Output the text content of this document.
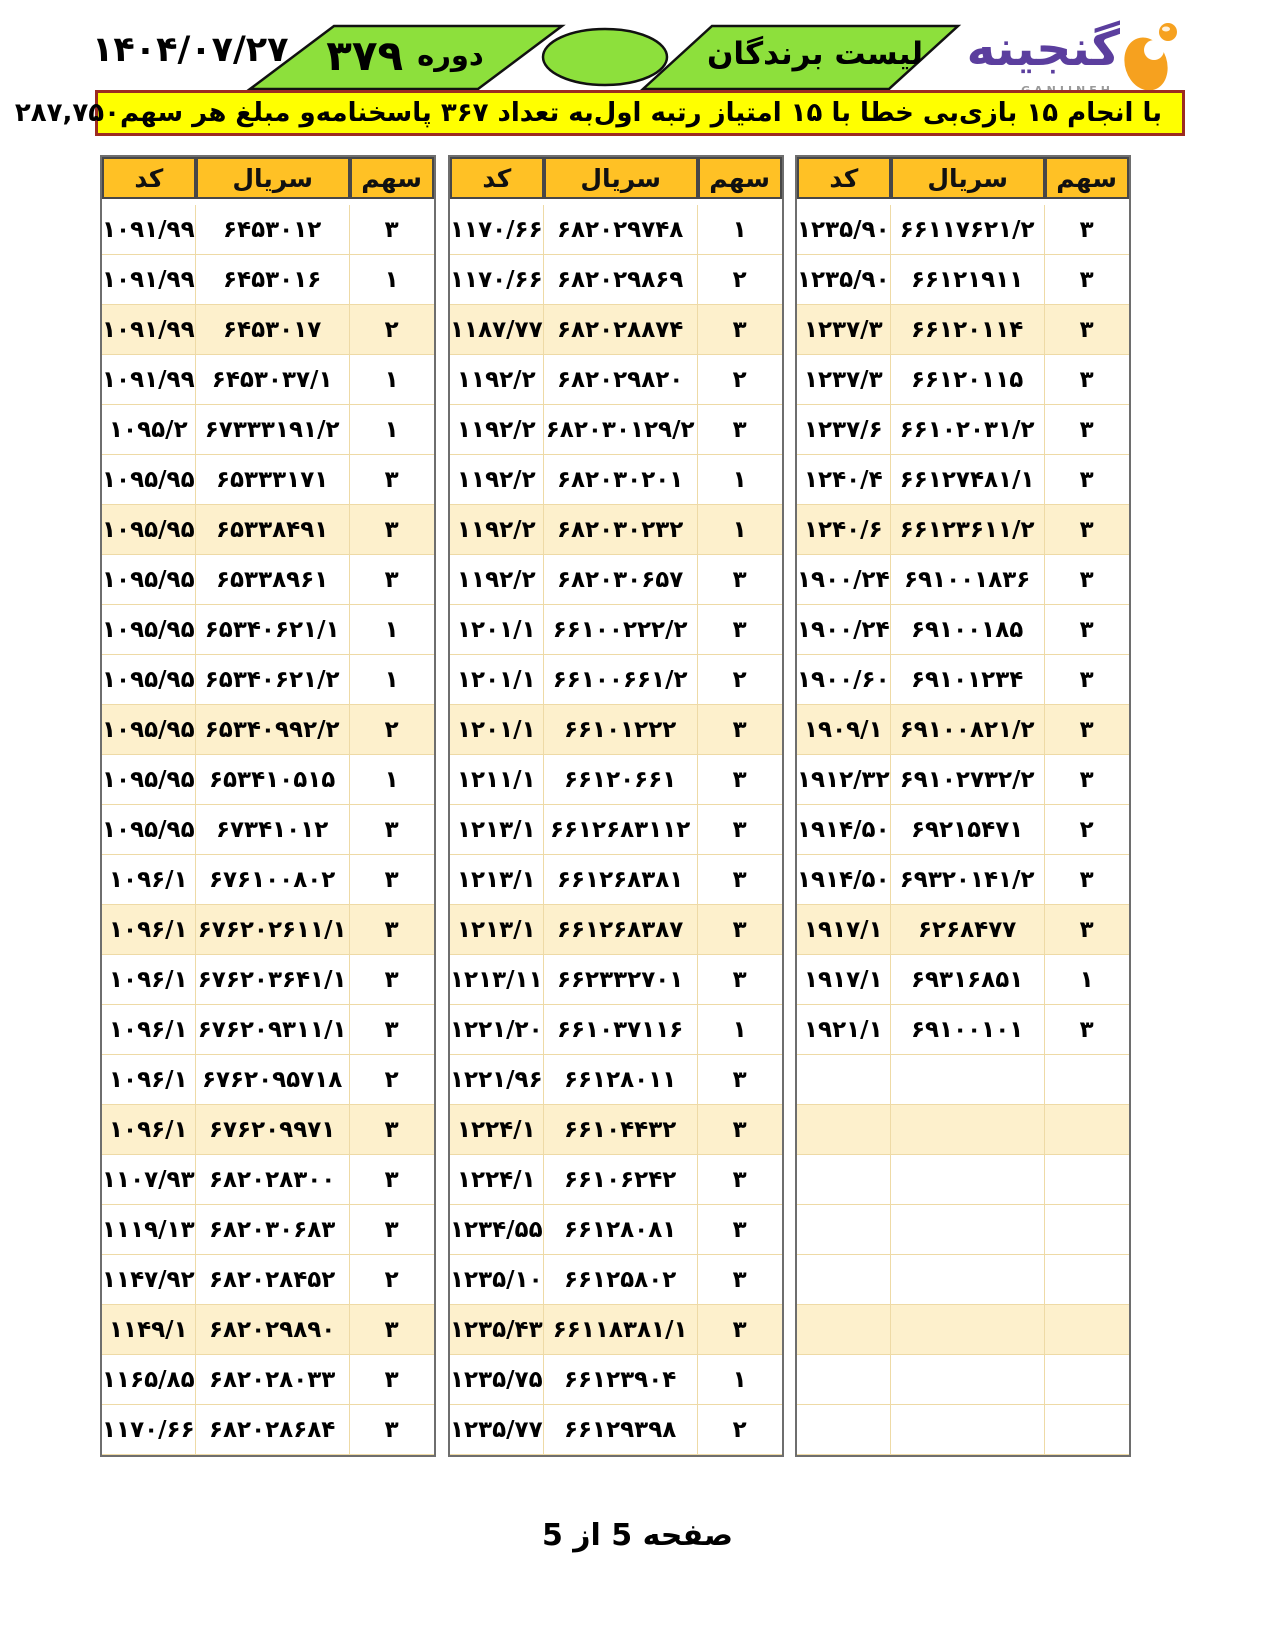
۱۴۰۴/۰۷/۲۷	دوره
۳۷۹	لیست برندگان گنجینه
با انجام ۱۵ بازی
بی خطا با ۱۵ امتیاز رتبه اول
به تعداد ۳۶۷ پاسخنامه
و مبلغ هر سهم
۲۸۷,۷۵۰
کد	سریال	سهم
۱۰۹۱/۹۹	۶۴۵۳۰۱۲	۳
۱۰۹۱/۹۹	۶۴۵۳۰۱۶	۱
۱۰۹۱/۹۹	۶۴۵۳۰۱۷	۲
۱۰۹۱/۹۹	۶۴۵۳۰۳۷/۱	۱
۱۰۹۵/۲	۶۷۳۳۳۱۹۱/۲	۱
۱۰۹۵/۹۵	۶۵۳۳۳۱۷۱	۳
۱۰۹۵/۹۵	۶۵۳۳۸۴۹۱	۳
۱۰۹۵/۹۵	۶۵۳۳۸۹۶۱	۳
۱۰۹۵/۹۵	۶۵۳۴۰۶۲۱/۱	۱
۱۰۹۵/۹۵	۶۵۳۴۰۶۲۱/۲	۱
۱۰۹۵/۹۵	۶۵۳۴۰۹۹۲/۲	۲
۱۰۹۵/۹۵	۶۵۳۴۱۰۵۱۵	۱
۱۰۹۵/۹۵	۶۷۳۴۱۰۱۲	۳
۱۰۹۶/۱	۶۷۶۱۰۰۸۰۲	۳
۱۰۹۶/۱	۶۷۶۲۰۲۶۱۱/۱	۳
۱۰۹۶/۱	۶۷۶۲۰۳۶۴۱/۱	۳
۱۰۹۶/۱	۶۷۶۲۰۹۳۱۱/۱	۳
۱۰۹۶/۱	۶۷۶۲۰۹۵۷۱۸	۲
۱۰۹۶/۱	۶۷۶۲۰۹۹۷۱	۳
۱۱۰۷/۹۳	۶۸۲۰۲۸۳۰۰	۳
۱۱۱۹/۱۳	۶۸۲۰۳۰۶۸۳	۳
۱۱۴۷/۹۲	۶۸۲۰۲۸۴۵۲	۲
۱۱۴۹/۱	۶۸۲۰۲۹۸۹۰	۳
۱۱۶۵/۸۵	۶۸۲۰۲۸۰۳۳	۳
۱۱۷۰/۶۶	۶۸۲۰۲۸۶۸۴	۳
کد	سریال	سهم
۱۱۷۰/۶۶	۶۸۲۰۲۹۷۴۸	۱
۱۱۷۰/۶۶	۶۸۲۰۲۹۸۶۹	۲
۱۱۸۷/۷۷	۶۸۲۰۲۸۸۷۴	۳
۱۱۹۲/۲	۶۸۲۰۲۹۸۲۰	۲
۱۱۹۲/۲	۶۸۲۰۳۰۱۲۹/۲	۳
۱۱۹۲/۲	۶۸۲۰۳۰۲۰۱	۱
۱۱۹۲/۲	۶۸۲۰۳۰۲۳۲	۱
۱۱۹۲/۲	۶۸۲۰۳۰۶۵۷	۳
۱۲۰۱/۱	۶۶۱۰۰۲۲۲/۲	۳
۱۲۰۱/۱	۶۶۱۰۰۶۶۱/۲	۲
۱۲۰۱/۱	۶۶۱۰۱۲۲۲	۳
۱۲۱۱/۱	۶۶۱۲۰۶۶۱	۳
۱۲۱۳/۱	۶۶۱۲۶۸۳۱۱۲	۳
۱۲۱۳/۱	۶۶۱۲۶۸۳۸۱	۳
۱۲۱۳/۱	۶۶۱۲۶۸۳۸۷	۳
۱۲۱۳/۱۱	۶۶۲۳۳۲۷۰۱	۳
۱۲۲۱/۲۰	۶۶۱۰۳۷۱۱۶	۱
۱۲۲۱/۹۶	۶۶۱۲۸۰۱۱	۳
۱۲۲۴/۱	۶۶۱۰۴۴۳۲	۳
۱۲۲۴/۱	۶۶۱۰۶۲۴۲	۳
۱۲۳۴/۵۵	۶۶۱۲۸۰۸۱	۳
۱۲۳۵/۱۰	۶۶۱۲۵۸۰۲	۳
۱۲۳۵/۴۳	۶۶۱۱۸۳۸۱/۱	۳
۱۲۳۵/۷۵	۶۶۱۲۳۹۰۴	۱
۱۲۳۵/۷۷	۶۶۱۲۹۳۹۸	۲
کد	سریال	سهم
۱۲۳۵/۹۰	۶۶۱۱۷۶۲۱/۲	۳
۱۲۳۵/۹۰	۶۶۱۲۱۹۱۱	۳
۱۲۳۷/۳	۶۶۱۲۰۱۱۴	۳
۱۲۳۷/۳	۶۶۱۲۰۱۱۵	۳
۱۲۳۷/۶	۶۶۱۰۲۰۳۱/۲	۳
۱۲۴۰/۴	۶۶۱۲۷۴۸۱/۱	۳
۱۲۴۰/۶	۶۶۱۲۳۶۱۱/۲	۳
۱۹۰۰/۲۴	۶۹۱۰۰۱۸۳۶	۳
۱۹۰۰/۲۴	۶۹۱۰۰۱۸۵	۳
۱۹۰۰/۶۰	۶۹۱۰۱۲۳۴	۳
۱۹۰۹/۱	۶۹۱۰۰۸۲۱/۲	۳
۱۹۱۲/۳۲	۶۹۱۰۲۷۳۲/۲	۳
۱۹۱۴/۵۰	۶۹۲۱۵۴۷۱	۲
۱۹۱۴/۵۰	۶۹۳۲۰۱۴۱/۲	۳
۱۹۱۷/۱	۶۲۶۸۴۷۷	۳
۱۹۱۷/۱	۶۹۳۱۶۸۵۱	۱
۱۹۲۱/۱	۶۹۱۰۰۱۰۱	۳

صفحه 5 از 5
